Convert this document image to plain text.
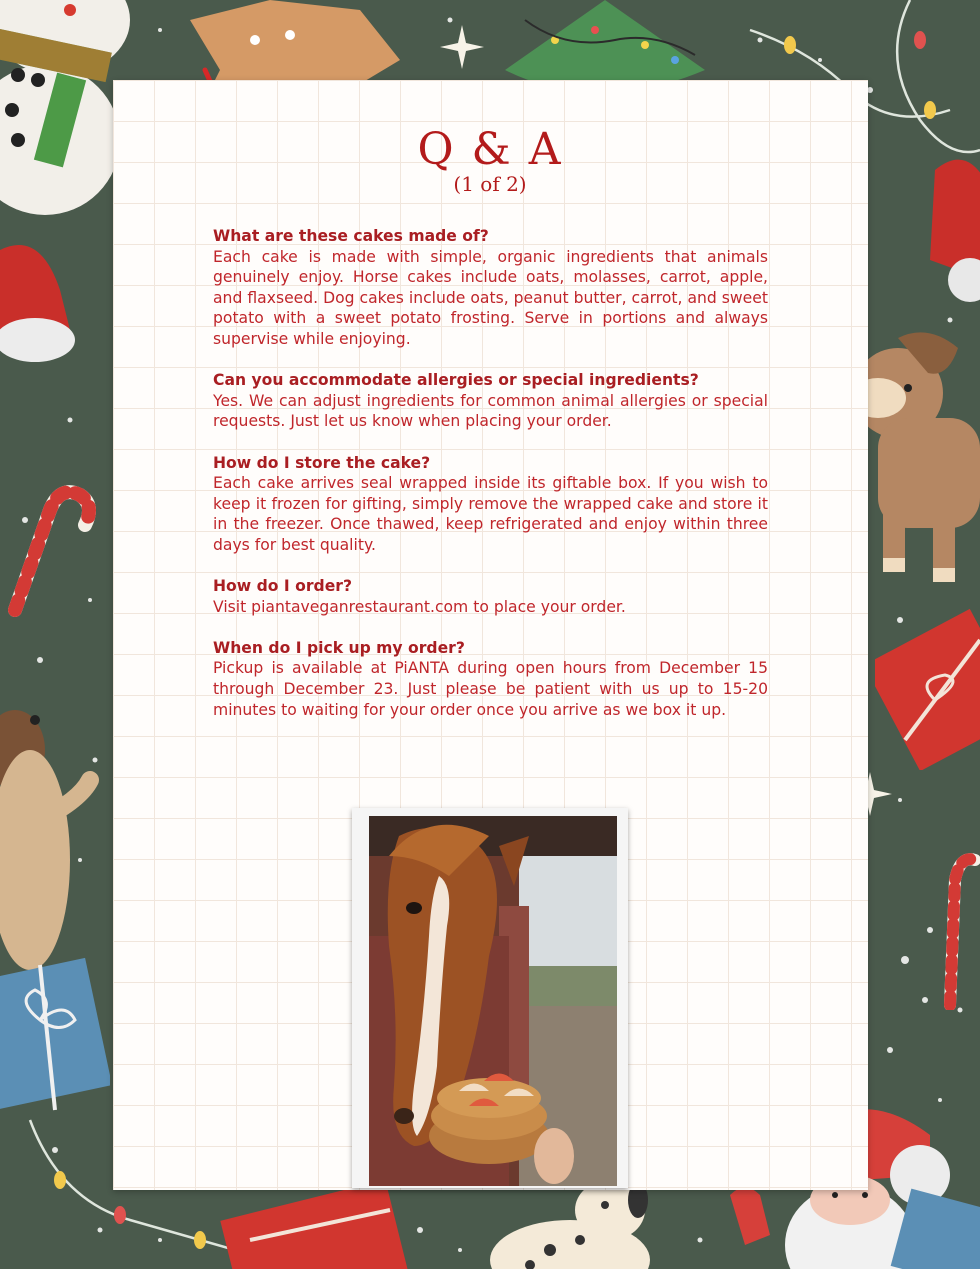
Q & A
(1 of 2)
What are these cakes made of?
Each cake is made with simple, organic ingredients that animals genuinely enjoy. Horse cakes include oats, molasses, carrot, apple, and flaxseed. Dog cakes include oats, peanut butter, carrot, and sweet potato with a sweet potato frosting. Serve in portions and always supervise while enjoying.
Can you accommodate allergies or special ingredients?
Yes. We can adjust ingredients for common animal allergies or special requests. Just let us know when placing your order.
How do I store the cake?
Each cake arrives seal wrapped inside its giftable box. If you wish to keep it frozen for gifting, simply remove the wrapped cake and store it in the freezer. Once thawed, keep refrigerated and enjoy within three days for best quality.
How do I order?
Visit piantaveganrestaurant.com to place your order.
When do I pick up my order?
Pickup is available at PiANTA during open hours from December 15 through December 23. Just please be patient with us up to 15-20 minutes to waiting for your order once you arrive as we box it up.
